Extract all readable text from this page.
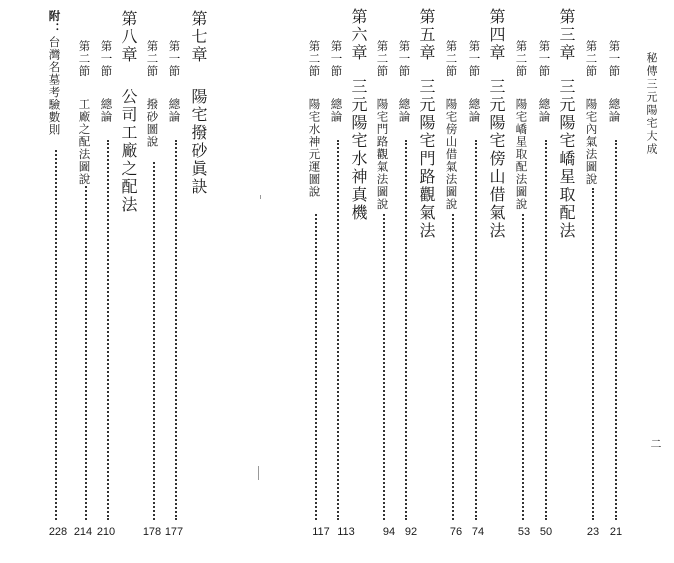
秘傳三元陽宅大成
二
第一節
總論
21
第二節
陽宅內氣法圖說
23
第三章
三元陽宅嶠星取配法
第一節
總論
50
第二節
陽宅嶠星取配法圖說
53
第四章
三元陽宅傍山借氣法
第一節
總論
74
第二節
陽宅傍山借氣法圖說
76
第五章
三元陽宅門路觀氣法
第一節
總論
92
第二節
陽宅門路觀氣法圖說
94
第六章
三元陽宅水神真機
第一節
總論
113
第二節
陽宅水神元運圖說
117
第七章
陽宅撥砂眞訣
第一節
總論
177
第二節
撥砂圖說
178
第八章
公司工廠之配法
第一節
總論
210
第二節
工廠之配法圖說
214
附：
台灣名墓考驗數則
228
